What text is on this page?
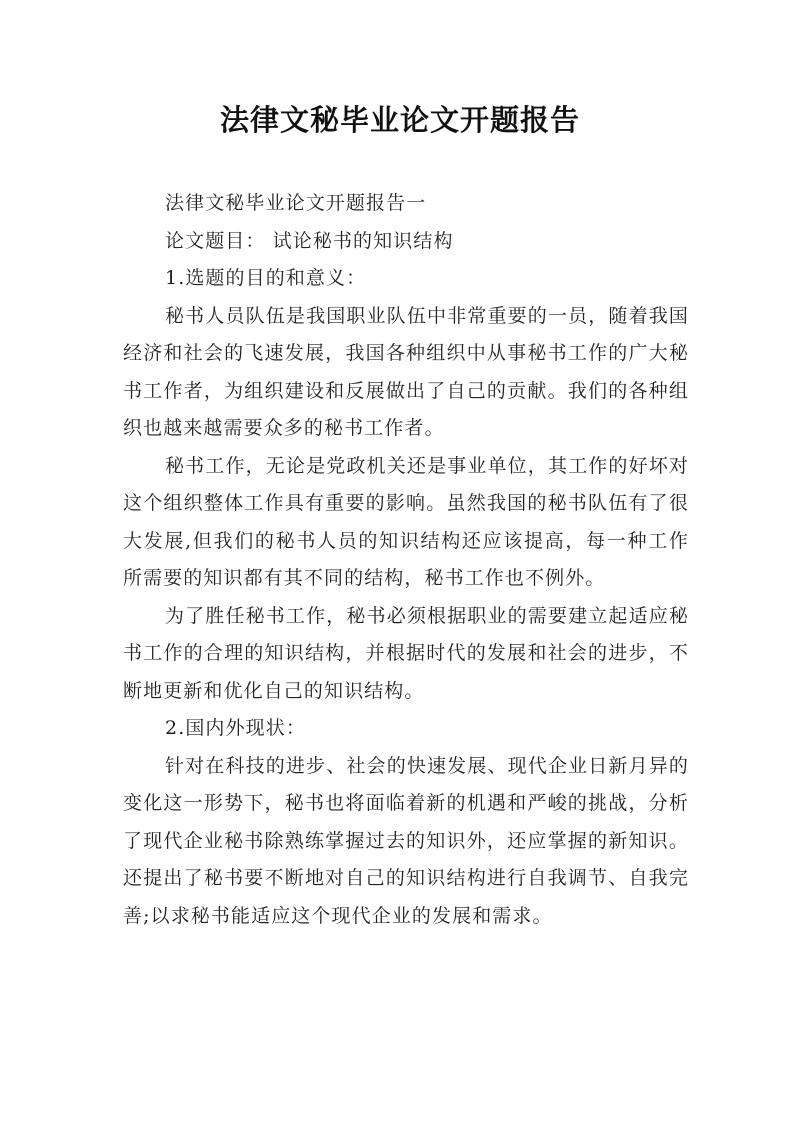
法律文秘毕业论文开题报告

法律文秘毕业论文开题报告一

论文题目： 试论秘书的知识结构

1.选题的目的和意义：

秘书人员队伍是我国职业队伍中非常重要的一员，随着我国经济和社会的飞速发展，我国各种组织中从事秘书工作的广大秘书工作者，为组织建设和反展做出了自己的贡献。我们的各种组织也越来越需要众多的秘书工作者。

秘书工作，无论是党政机关还是事业单位，其工作的好坏对这个组织整体工作具有重要的影响。虽然我国的秘书队伍有了很大发展,但我们的秘书人员的知识结构还应该提高，每一种工作所需要的知识都有其不同的结构，秘书工作也不例外。

为了胜任秘书工作，秘书必须根据职业的需要建立起适应秘书工作的合理的知识结构，并根据时代的发展和社会的进步，不断地更新和优化自己的知识结构。

2.国内外现状：

针对在科技的进步、社会的快速发展、现代企业日新月异的变化这一形势下，秘书也将面临着新的机遇和严峻的挑战，分析了现代企业秘书除熟练掌握过去的知识外，还应掌握的新知识。还提出了秘书要不断地对自己的知识结构进行自我调节、自我完善;以求秘书能适应这个现代企业的发展和需求。
